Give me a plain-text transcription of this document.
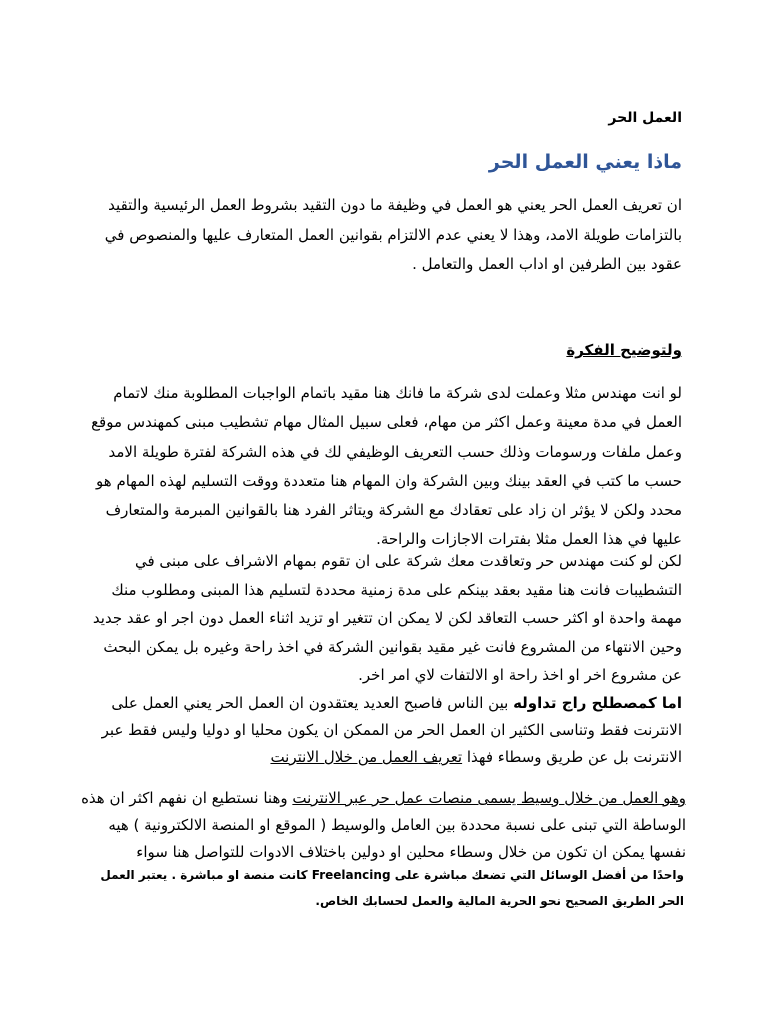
العمل الحر
ماذا يعني العمل الحر
ان تعريف العمل الحر يعني هو العمل في وظيفة ما دون التقيد بشروط العمل الرئيسية والتقيد بالتزامات طويلة الامد، وهذا لا يعني عدم الالتزام بقوانين العمل المتعارف عليها والمنصوص في عقود بين الطرفين او اداب العمل والتعامل .
ولتوضيح الفكرة
لو انت مهندس مثلا وعملت لدى شركة ما فانك هنا مقيد باتمام الواجبات المطلوبة منك لاتمام العمل في مدة معينة وعمل اكثر من مهام، فعلى سبيل المثال مهام تشطيب مبنى كمهندس موقع وعمل ملفات ورسومات وذلك حسب التعريف الوظيفي لك في هذه الشركة لفترة طويلة الامد حسب ما كتب في العقد بينك وبين الشركة وان المهام هنا متعددة ووقت التسليم لهذه المهام هو محدد ولكن لا يؤثر ان زاد على تعقادك مع الشركة ويتاثر الفرد هنا بالقوانين المبرمة والمتعارف عليها في هذا العمل مثلا بفترات الاجازات والراحة.
لكن لو كنت مهندس حر وتعاقدت معك شركة على ان تقوم بمهام الاشراف على مبنى في التشطيبات فانت هنا مقيد بعقد بينكم على مدة زمنية محددة لتسليم هذا المبنى ومطلوب منك مهمة واحدة او اكثر حسب التعاقد لكن لا يمكن ان تتغير او تزيد اثناء العمل دون اجر او عقد جديد وحين الانتهاء من المشروع فانت غير مقيد بقوانين الشركة في اخذ راحة وغيره بل يمكن البحث عن مشروع اخر او اخذ راحة او الالتفات لاي امر اخر.
اما كمصطلح راج تداوله بين الناس فاصبح العديد يعتقدون ان العمل الحر يعني العمل على الانترنت فقط وتناسى الكثير ان العمل الحر من الممكن ان يكون محليا او دوليا وليس فقط عبر الانترنت بل عن طريق وسطاء فهذا تعريف العمل من خلال الانترنت
وهو العمل من خلال وسيط يسمى منصات عمل حر عبر الانترنت وهنا نستطيع ان نفهم اكثر ان هذه الوساطة التي تبنى على نسبة محددة بين العامل والوسيط ( الموقع او المنصة الالكترونية ) هيه نفسها يمكن ان تكون من خلال وسطاء محلين او دولين باختلاف الادوات للتواصل هنا سواء
واحدًا من أفضل الوسائل التي تضعك مباشرة على Freelancing كانت منصة او مباشرة . يعتبر العمل الحر الطريق الصحيح نحو الحرية المالية والعمل لحسابك الخاص.
